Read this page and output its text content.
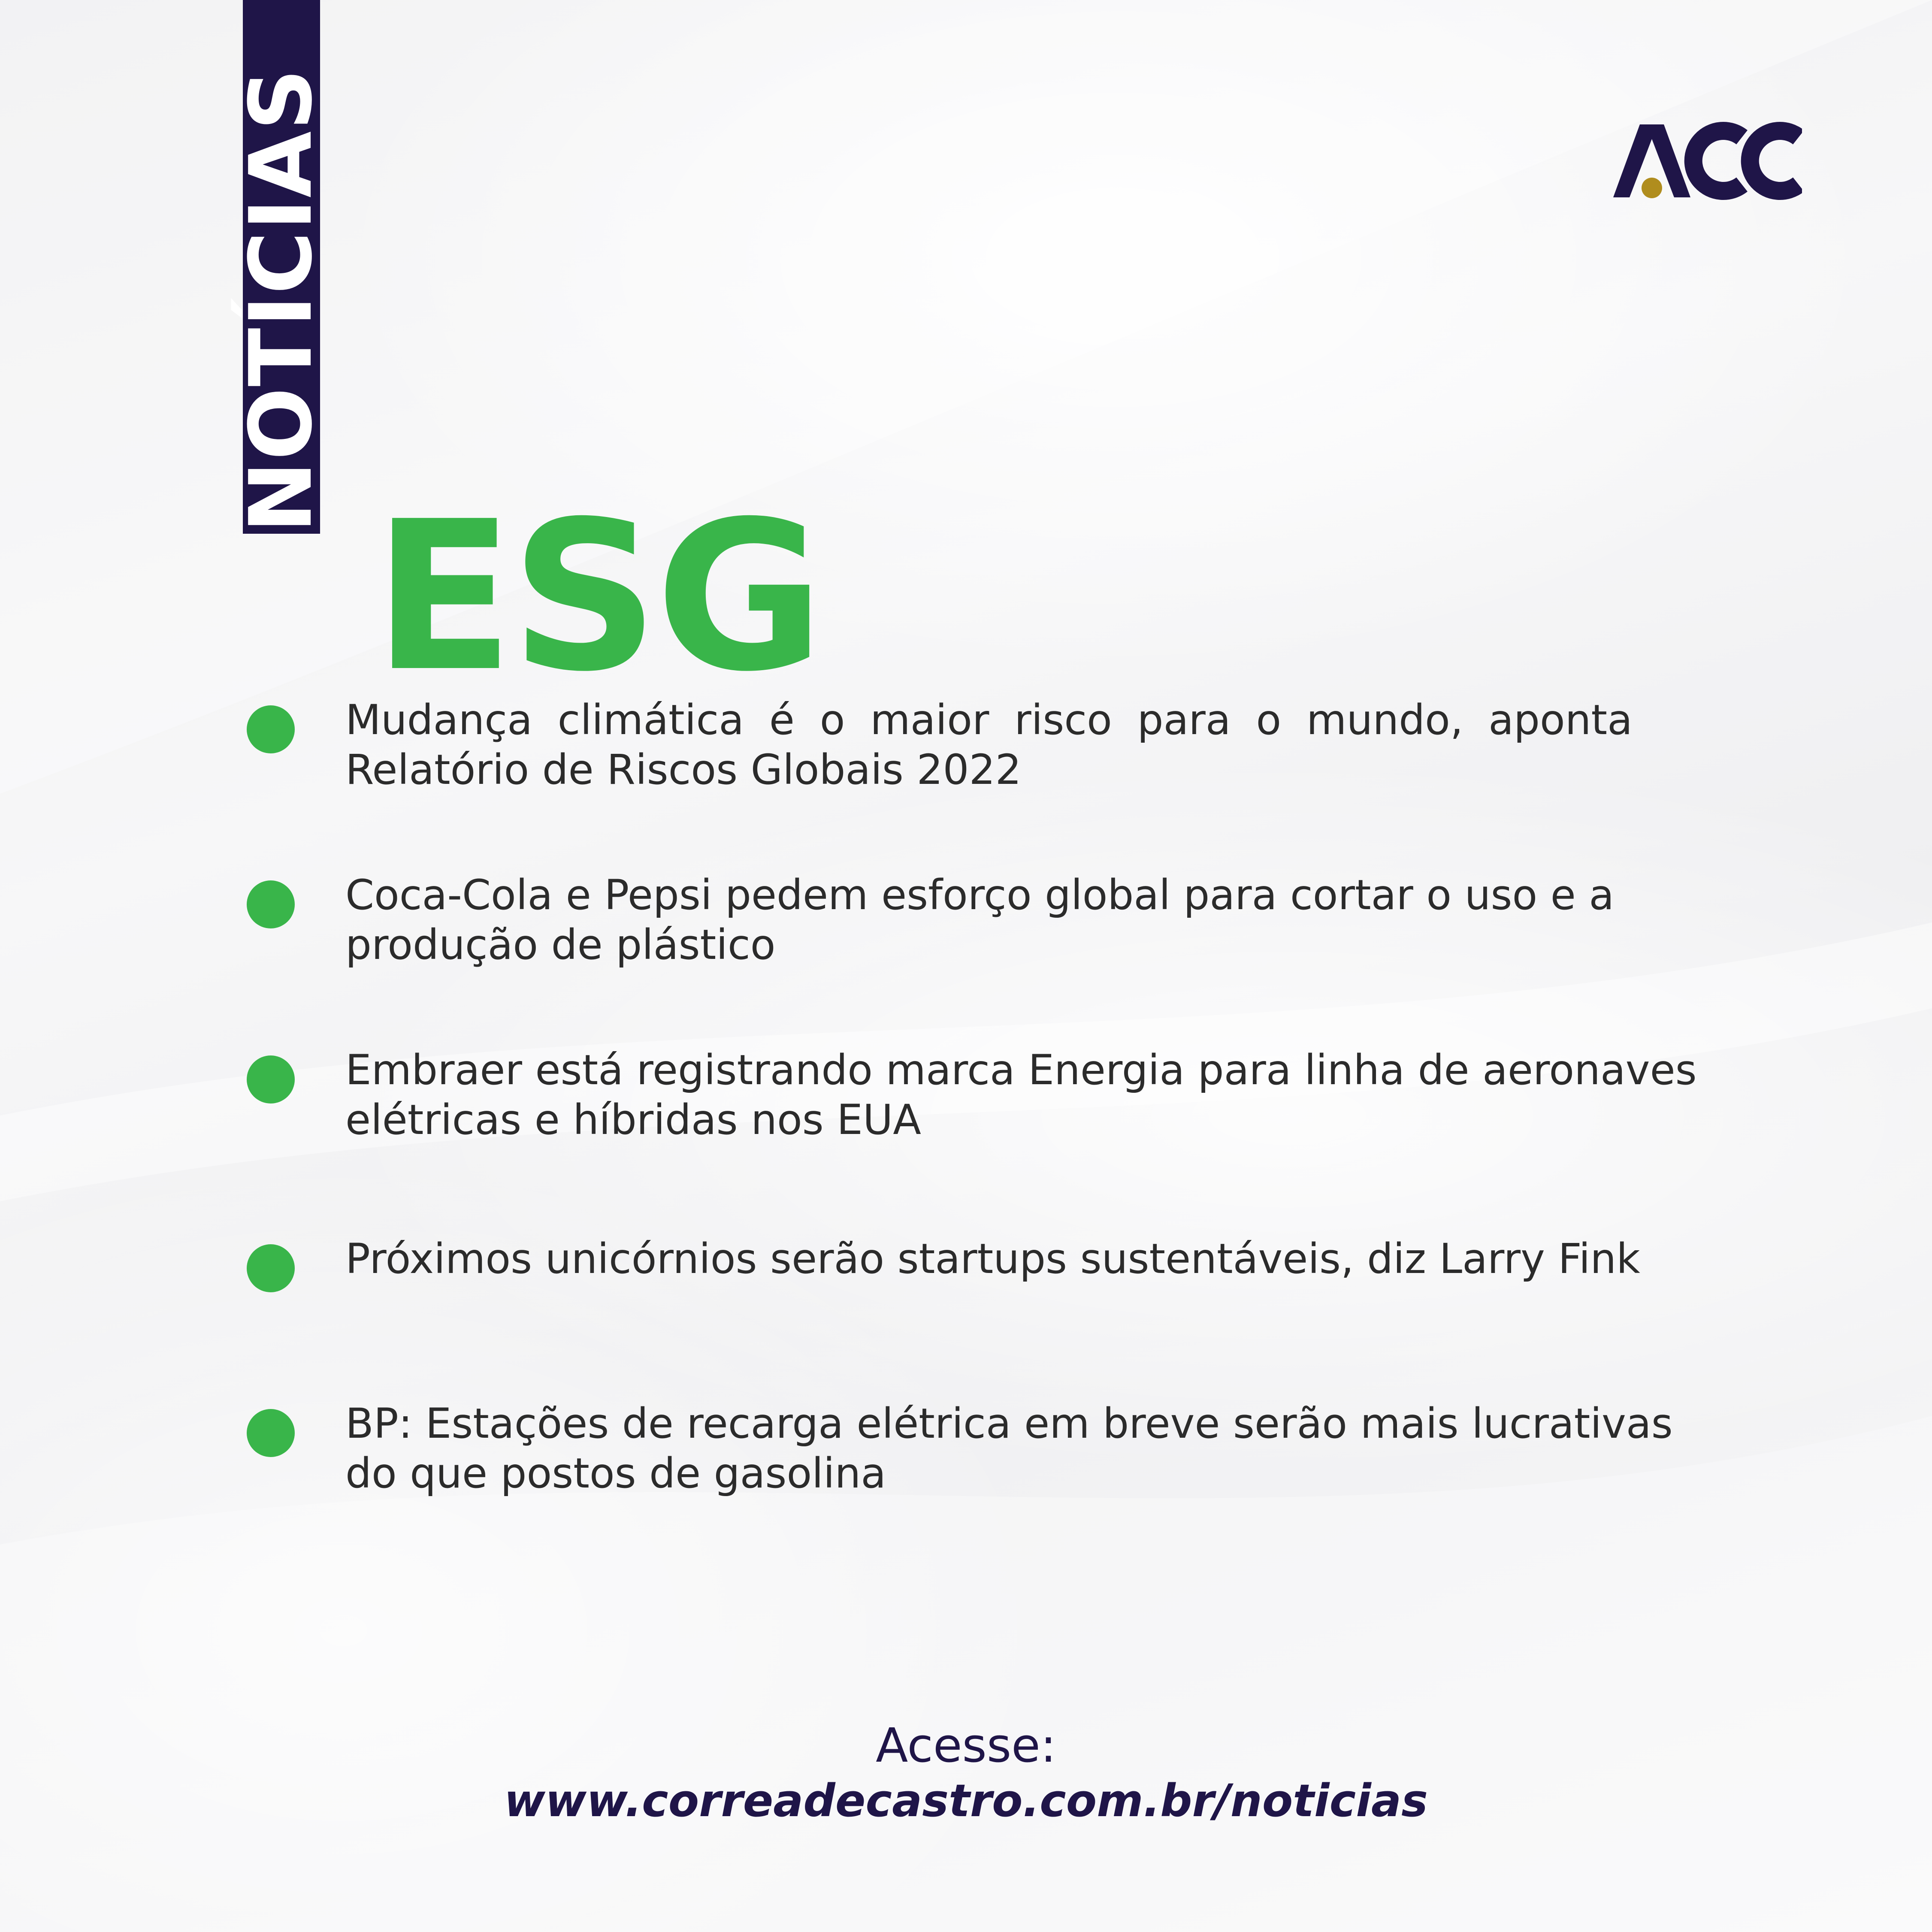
NOTÍCIAS
ESG

Mudança climática é o maior risco para o mundo, aponta Relatório de Riscos Globais 2022

Coca-Cola e Pepsi pedem esforço global para cortar o uso e a produção de plástico

Embraer está registrando marca Energia para linha de aeronaves elétricas e híbridas nos EUA

Próximos unicórnios serão startups sustentáveis, diz Larry Fink

BP: Estações de recarga elétrica em breve serão mais lucrativas do que postos de gasolina

Acesse:
www.correadecastro.com.br/noticias
